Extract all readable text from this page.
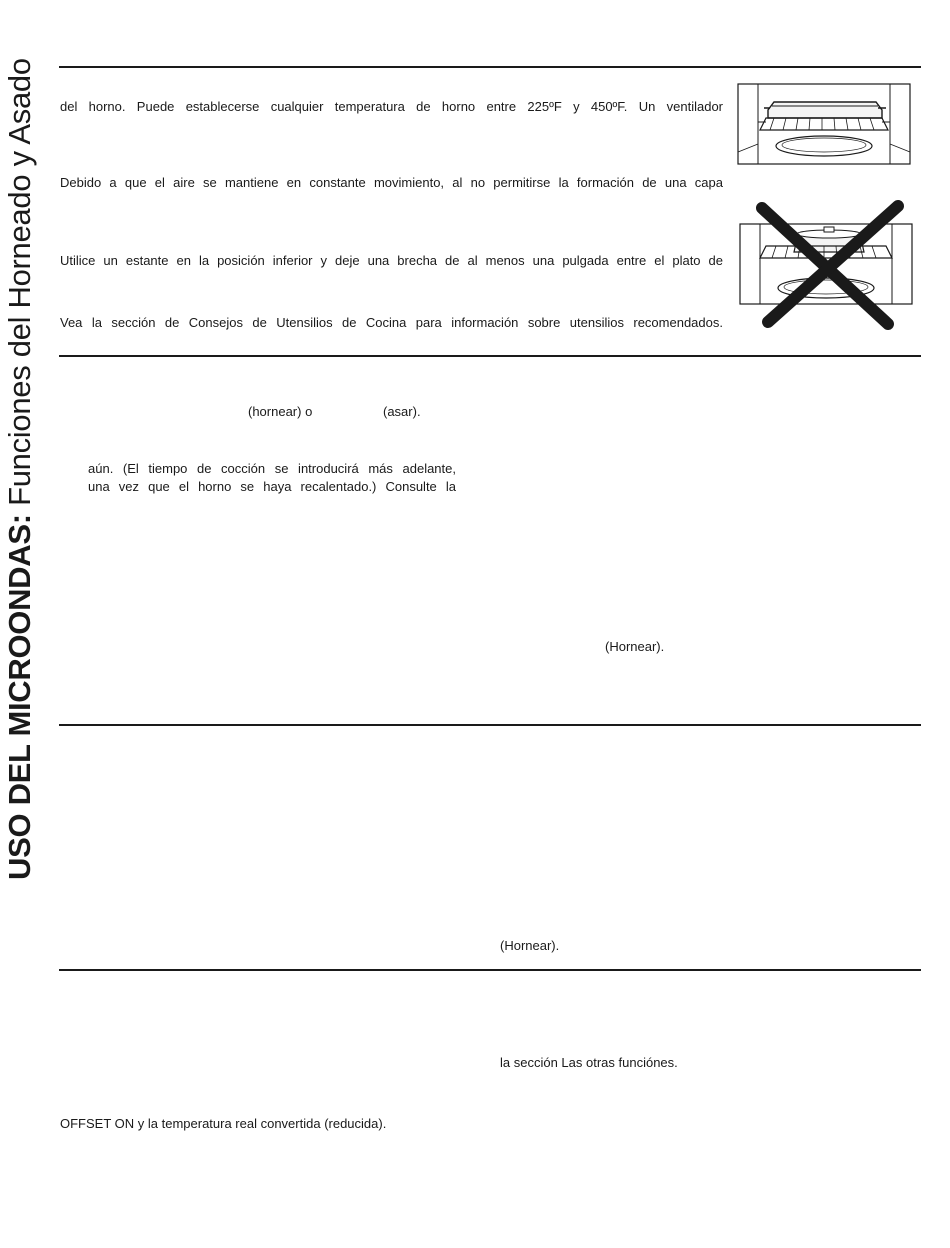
USO DEL MICROONDAS: Funciones del Horneado y Asado del horno. Puede establecerse cualquier temperatura de horno entre 225ºF y 450ºF. Un ventilador
Debido a que el aire se mantiene en constante movimiento, al no permitirse la formación de una capa
Utilice un estante en la posición inferior y deje una brecha de al menos una pulgada entre el plato de
Vea la sección de Consejos de Utensilios de Cocina para información sobre utensilios recomendados.
(hornear) o	(asar).
aún. (El tiempo de cocción se introducirá más adelante,
una vez que el horno se haya recalentado.) Consulte la
(Hornear).
(Hornear).
la sección Las otras funciónes.
OFFSET ON y la temperatura real convertida (reducida).
